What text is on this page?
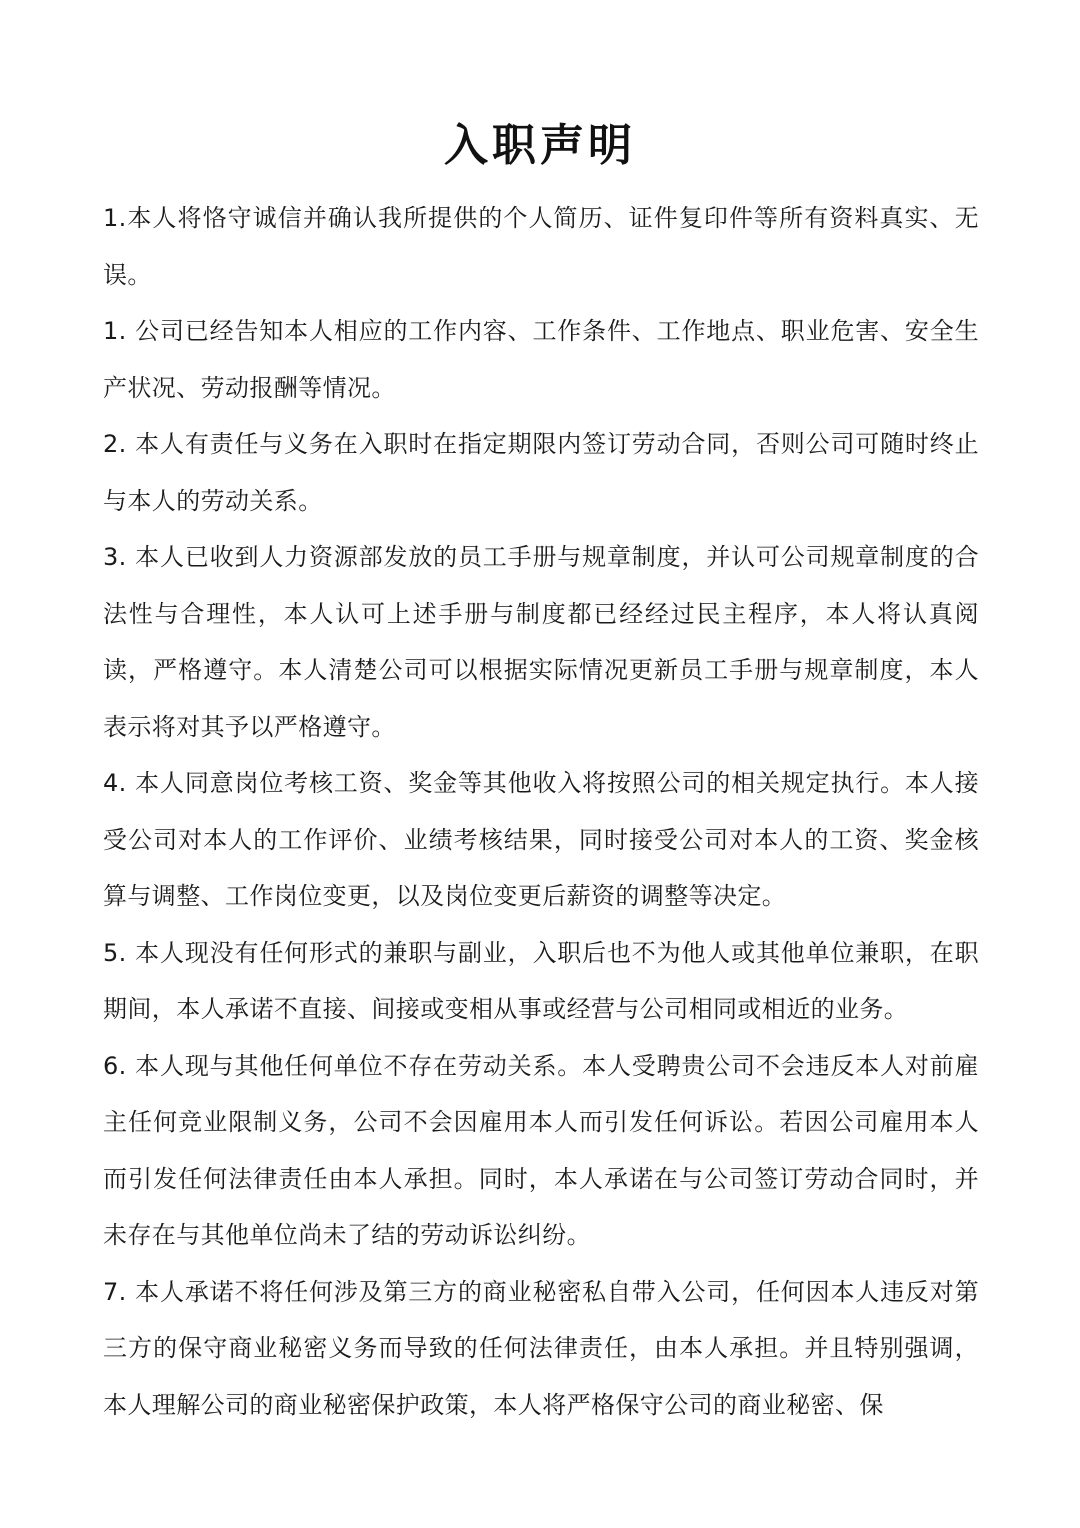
入职声明

1.本人将恪守诚信并确认我所提供的个人简历、证件复印件等所有资料真实、无误。

1. 公司已经告知本人相应的工作内容、工作条件、工作地点、职业危害、安全生产状况、劳动报酬等情况。

2. 本人有责任与义务在入职时在指定期限内签订劳动合同，否则公司可随时终止与本人的劳动关系。

3. 本人已收到人力资源部发放的员工手册与规章制度，并认可公司规章制度的合法性与合理性，本人认可上述手册与制度都已经经过民主程序，本人将认真阅读，严格遵守。本人清楚公司可以根据实际情况更新员工手册与规章制度，本人表示将对其予以严格遵守。

4. 本人同意岗位考核工资、奖金等其他收入将按照公司的相关规定执行。本人接受公司对本人的工作评价、业绩考核结果，同时接受公司对本人的工资、奖金核算与调整、工作岗位变更，以及岗位变更后薪资的调整等决定。

5. 本人现没有任何形式的兼职与副业，入职后也不为他人或其他单位兼职，在职期间，本人承诺不直接、间接或变相从事或经营与公司相同或相近的业务。

6. 本人现与其他任何单位不存在劳动关系。本人受聘贵公司不会违反本人对前雇主任何竞业限制义务，公司不会因雇用本人而引发任何诉讼。若因公司雇用本人而引发任何法律责任由本人承担。同时，本人承诺在与公司签订劳动合同时，并未存在与其他单位尚未了结的劳动诉讼纠纷。

7. 本人承诺不将任何涉及第三方的商业秘密私自带入公司，任何因本人违反对第三方的保守商业秘密义务而导致的任何法律责任，由本人承担。并且特别强调，本人理解公司的商业秘密保护政策，本人将严格保守公司的商业秘密、保
